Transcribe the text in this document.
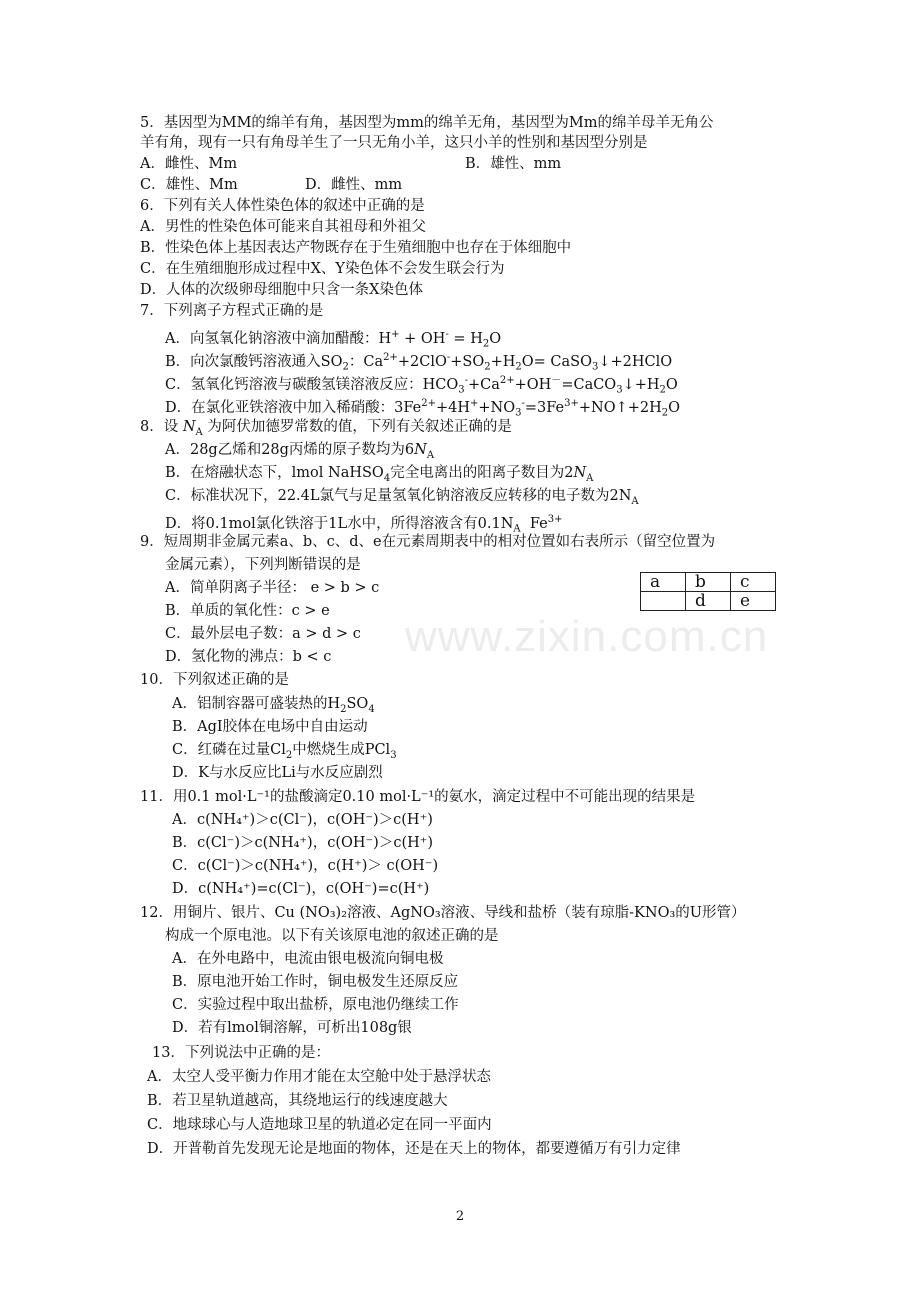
www.zixin.com.cn
5．基因型为MM的绵羊有角，基因型为mm的绵羊无角，基因型为Mm的绵羊母羊无角公
羊有角，现有一只有角母羊生了一只无角小羊，这只小羊的性别和基因型分别是
A．雌性、Mm	B．雄性、mm
C．雄性、Mm	D．雌性、mm
6．下列有关人体性染色体的叙述中正确的是
A．男性的性染色体可能来自其祖母和外祖父
B．性染色体上基因表达产物既存在于生殖细胞中也存在于体细胞中
C．在生殖细胞形成过程中X、Y染色体不会发生联会行为
D．人体的次级卵母细胞中只含一条X染色体
7．下列离子方程式正确的是
A．向氢氧化钠溶液中滴加醋酸：$H^+ + OH^- = H_2O$
B．向次氯酸钙溶液通入$SO_2$：$Ca^{2+}+2ClO^-+SO_2+H_2O=$ CaSO$_3$↓+2HClO
C．氢氧化钙溶液与碳酸氢镁溶液反应：$HCO_3^-+Ca^{2+}+OH^-=CaCO_3↓+H_2O$
D．在氯化亚铁溶液中加入稀硝酸：$3Fe^{2+}+4H^++NO_3^-=3Fe^{3+}+NO↑+2H_2O$
8．设 $N_A$ 为阿伏加德罗常数的值，下列有关叙述正确的是
A．28g乙烯和28g丙烯的原子数均为$6N_A$
B．在熔融状态下，lmol NaHSO$_4$完全电离出的阳离子数目为$2N_A$
C．标准状况下，22.4L氯气与足量氢氧化钠溶液反应转移的电子数为$2N_A$
D．将0.1mol氯化铁溶于1L水中，所得溶液含有$0.1N_A$ $Fe^{3+}$
9．短周期非金属元素a、b、c、d、e在元素周期表中的相对位置如右表所示（留空位置为
金属元素），下列判断错误的是
A．简单阴离子半径： e > b > c
B．单质的氧化性：c > e
C．最外层电子数：a > d > c
D．氢化物的沸点：b < c
a	b	c
	d	e
10．下列叙述正确的是
A．铝制容器可盛装热的$H_2SO_4$
B．AgI胶体在电场中自由运动
C．红磷在过量$Cl_2$中燃烧生成PCl$_3$
D．K与水反应比Li与水反应剧烈
11．用0.1 mol·L⁻¹的盐酸滴定0.10 mol·L⁻¹的氨水，滴定过程中不可能出现的结果是
A．c(NH₄⁺)＞c(Cl⁻)，c(OH⁻)＞c(H⁺)
B．c(Cl⁻)＞c(NH₄⁺)，c(OH⁻)＞c(H⁺)
C．c(Cl⁻)＞c(NH₄⁺)，c(H⁺)＞ c(OH⁻)
D．c(NH₄⁺)=c(Cl⁻)，c(OH⁻)=c(H⁺)
12．用铜片、银片、Cu (NO₃)₂溶液、AgNO₃溶液、导线和盐桥（装有琼脂-KNO₃的U形管）
构成一个原电池。以下有关该原电池的叙述正确的是
A．在外电路中，电流由银电极流向铜电极
B．原电池开始工作时，铜电极发生还原反应
C．实验过程中取出盐桥，原电池仍继续工作
D．若有lmol铜溶解，可析出108g银
13．下列说法中正确的是：
A．太空人受平衡力作用才能在太空舱中处于悬浮状态
B．若卫星轨道越高，其绕地运行的线速度越大
C．地球球心与人造地球卫星的轨道必定在同一平面内
D．开普勒首先发现无论是地面的物体，还是在天上的物体，都要遵循万有引力定律
2
